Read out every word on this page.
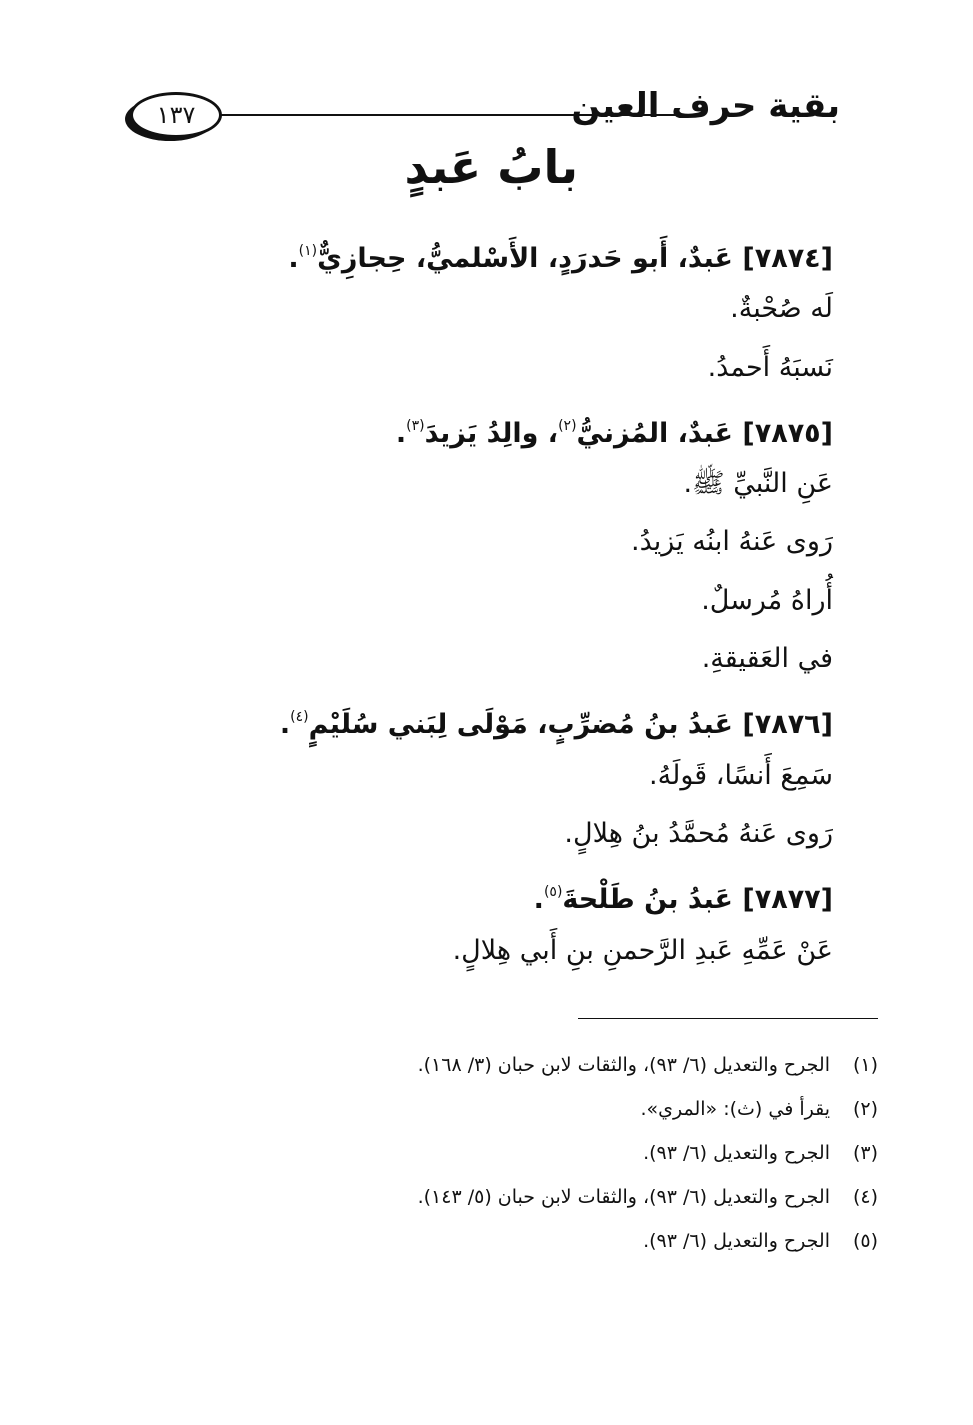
بقية حرف العين
١٣٧
بابُ عَبدٍ
[٧٨٧٤] عَبدٌ، أَبو حَدرَدٍ، الأَسْلميُّ، حِجازِيٌّ$^{(١)}$.
لَه صُحْبةٌ.
نَسبَهُ أَحمدُ.
[٧٨٧٥] عَبدٌ، المُزنيُّ$^{(٢)}$، والِدُ يَزيدَ$^{(٣)}$.
عَنِ النَّبيِّ ﷺ.
رَوى عَنهُ ابنُه يَزيدُ.
أُراهُ مُرسلٌ.
في العَقيقةِ.
[٧٨٧٦] عَبدُ بنُ مُضرِّبٍ، مَوْلَى لِبَني سُلَيْمٍ$^{(٤)}$.
سَمِعَ أَنسًا، قَولَهُ.
رَوى عَنهُ مُحمَّدُ بنُ هِلالٍ.
[٧٨٧٧] عَبدُ بنُ طَلْحةَ$^{(٥)}$.
عَنْ عَمِّهِ عَبدِ الرَّحمنِ بنِ أَبي هِلالٍ.
(١)الجرح والتعديل (٦/ ٩٣)، والثقات لابن حبان (٣/ ١٦٨).
(٢)يقرأ في (ث): «المري».
(٣)الجرح والتعديل (٦/ ٩٣).
(٤)الجرح والتعديل (٦/ ٩٣)، والثقات لابن حبان (٥/ ١٤٣).
(٥)الجرح والتعديل (٦/ ٩٣).
